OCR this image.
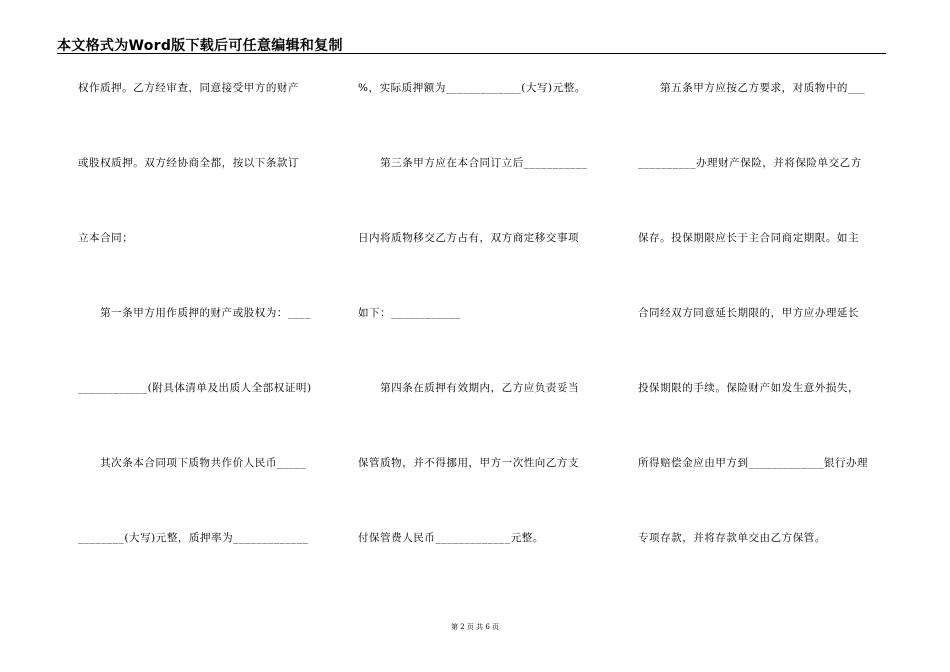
本文格式为Word版下载后可任意编辑和复制
权作质押。乙方经审查，同意接受甲方的财产
或股权质押。双方经协商全都，按以下条款订
立本合同；
　　第一条甲方用作质押的财产或股权为：____
____________(附具体清单及出质人全部权证明)
　　其次条本合同项下质物共作价人民币_____
________(大写)元整，质押率为_____________
%，实际质押额为_____________(大写)元整。
　　第三条甲方应在本合同订立后___________
日内将质物移交乙方占有，双方商定移交事项
如下：____________
　　第四条在质押有效期内，乙方应负责妥当
保管质物，并不得挪用，甲方一次性向乙方支
付保管费人民币_____________元整。
　　第五条甲方应按乙方要求，对质物中的___
__________办理财产保险，并将保险单交乙方
保存。投保期限应长于主合同商定期限。如主
合同经双方同意延长期限的，甲方应办理延长
投保期限的手续。保险财产如发生意外损失，
所得赔偿金应由甲方到_____________银行办理
专项存款，并将存款单交由乙方保管。
第 2 页 共 6 页
